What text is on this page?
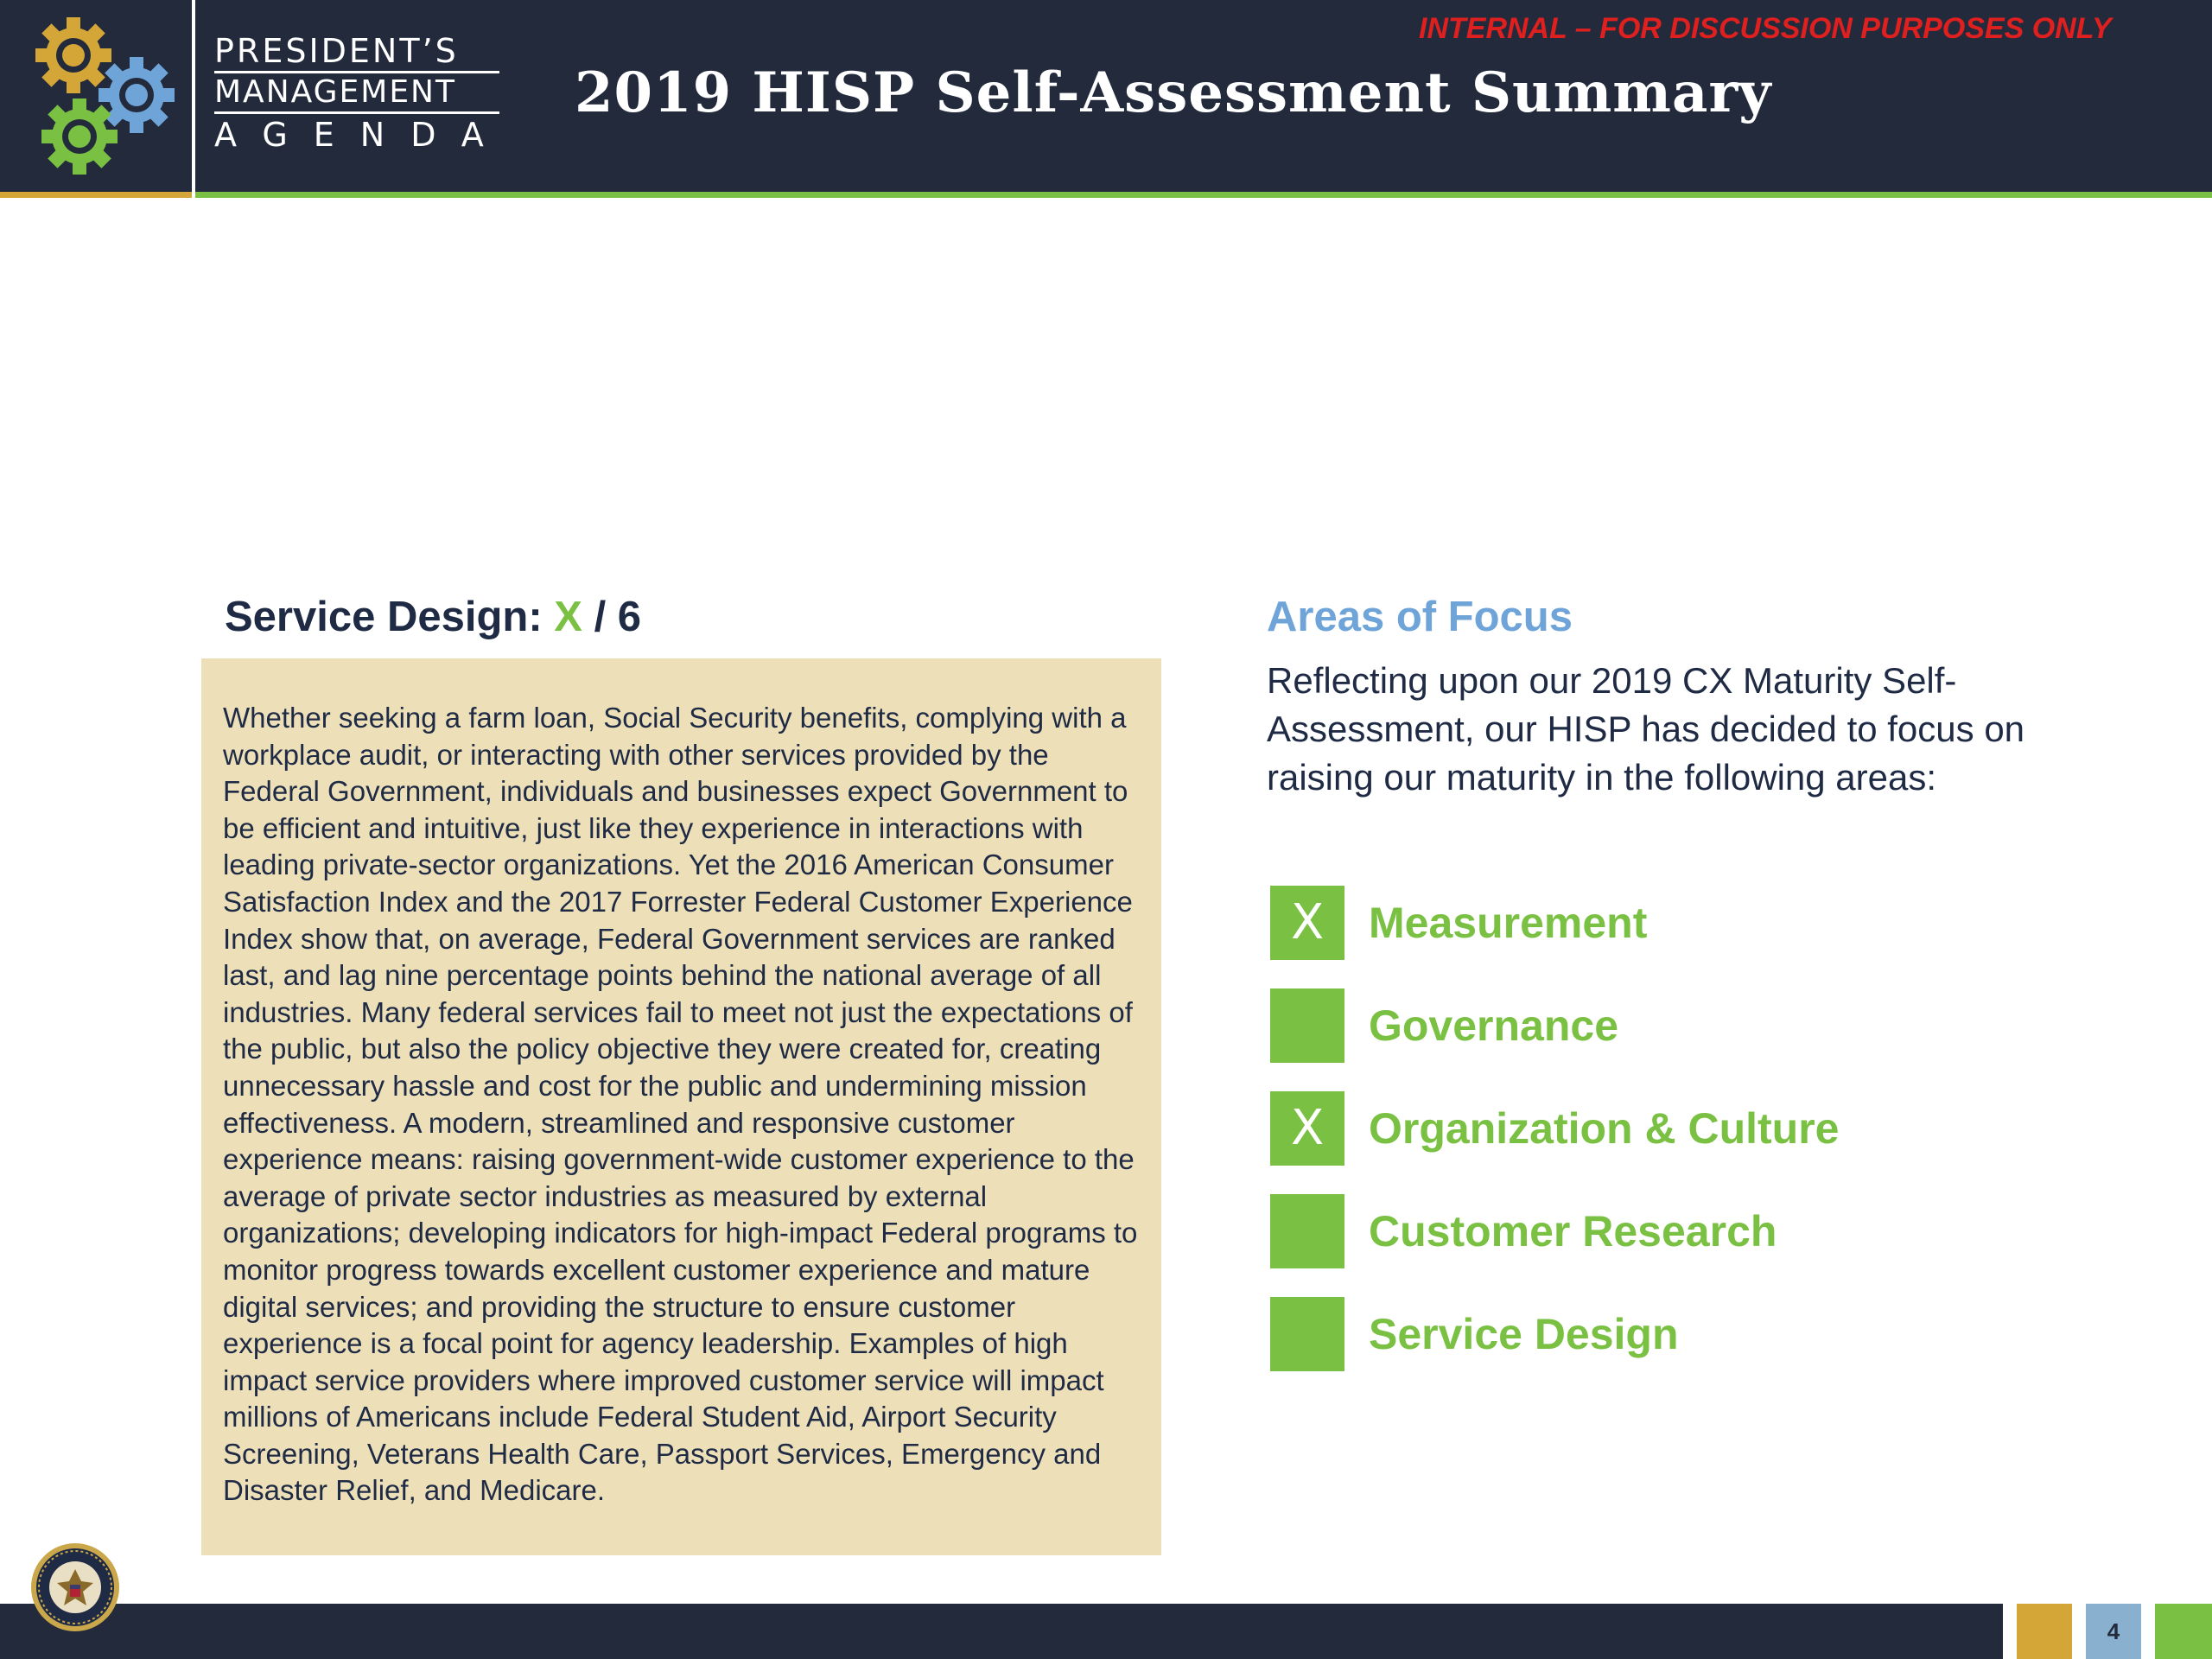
PRESIDENT’S
MANAGEMENT
AGENDA
2019 HISP Self-Assessment Summary
INTERNAL – FOR DISCUSSION PURPOSES ONLY
Service Design: X / 6
Whether seeking a farm loan, Social Security benefits, complying with a workplace audit, or interacting with other services provided by the Federal Government, individuals and businesses expect Government to be efficient and intuitive, just like they experience in interactions with leading private-sector organizations. Yet the 2016 American Consumer Satisfaction Index and the 2017 Forrester Federal Customer Experience Index show that, on average, Federal Government services are ranked last, and lag nine percentage points behind the national average of all industries. Many federal services fail to meet not just the expectations of the public, but also the policy objective they were created for, creating unnecessary hassle and cost for the public and undermining mission effectiveness. A modern, streamlined and responsive customer experience means: raising government-wide customer experience to the average of private sector industries as measured by external organizations; developing indicators for high-impact Federal programs to monitor progress towards excellent customer experience and mature digital services; and providing the structure to ensure customer experience is a focal point for agency leadership. Examples of high impact service providers where improved customer service will impact millions of Americans include Federal Student Aid, Airport Security Screening, Veterans Health Care, Passport Services, Emergency and Disaster Relief, and Medicare.
Areas of Focus
Reflecting upon our 2019 CX Maturity Self-Assessment, our HISP has decided to focus on raising our maturity in the following areas:
X	Measurement
Governance
X	Organization & Culture
Customer Research
Service Design
4
